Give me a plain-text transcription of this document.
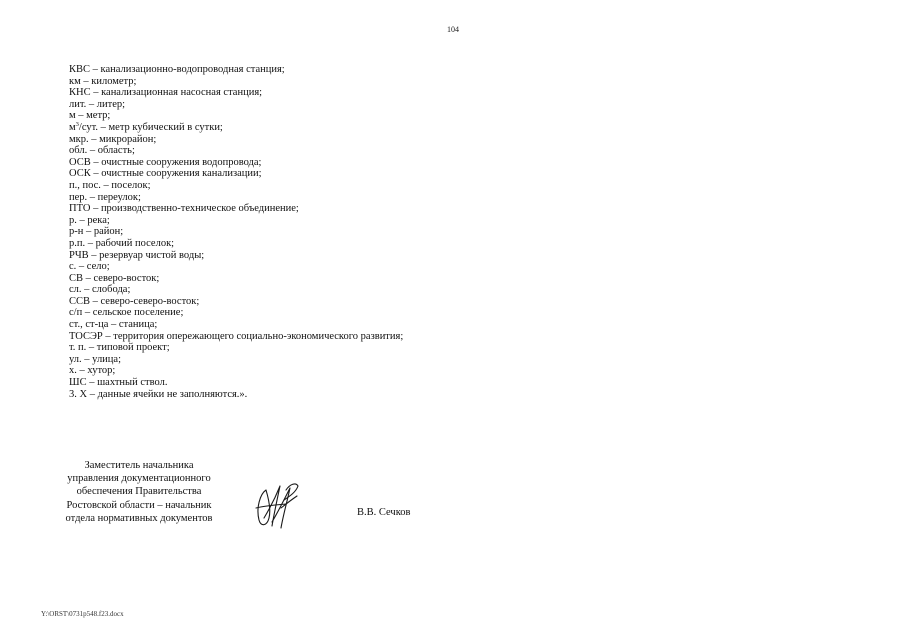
104
КВС – канализационно-водопроводная станция;
км – километр;
КНС – канализационная насосная станция;
лит. – литер;
м – метр;
$м^3$/сут. – метр кубический в сутки;
мкр. – микрорайон;
обл. – область;
ОСВ – очистные сооружения водопровода;
ОСК – очистные сооружения канализации;
п., пос. – поселок;
пер. – переулок;
ПТО – производственно-техническое объединение;
р. – река;
р-н – район;
р.п. – рабочий поселок;
РЧВ – резервуар чистой воды;
с. – село;
СВ – северо-восток;
сл. – слобода;
ССВ – северо-северо-восток;
с/п – сельское поселение;
ст., ст-ца – станица;
ТОСЭР – территория опережающего социально-экономического развития;
т. п. – типовой проект;
ул. – улица;
х. – хутор;
ШС – шахтный ствол.
3. Х – данные ячейки не заполняются.».
Заместитель начальника
управления документационного
обеспечения Правительства
Ростовской области – начальник
отдела нормативных документов
В.В. Сечков
Y:\ORST\0731p548.f23.docx
